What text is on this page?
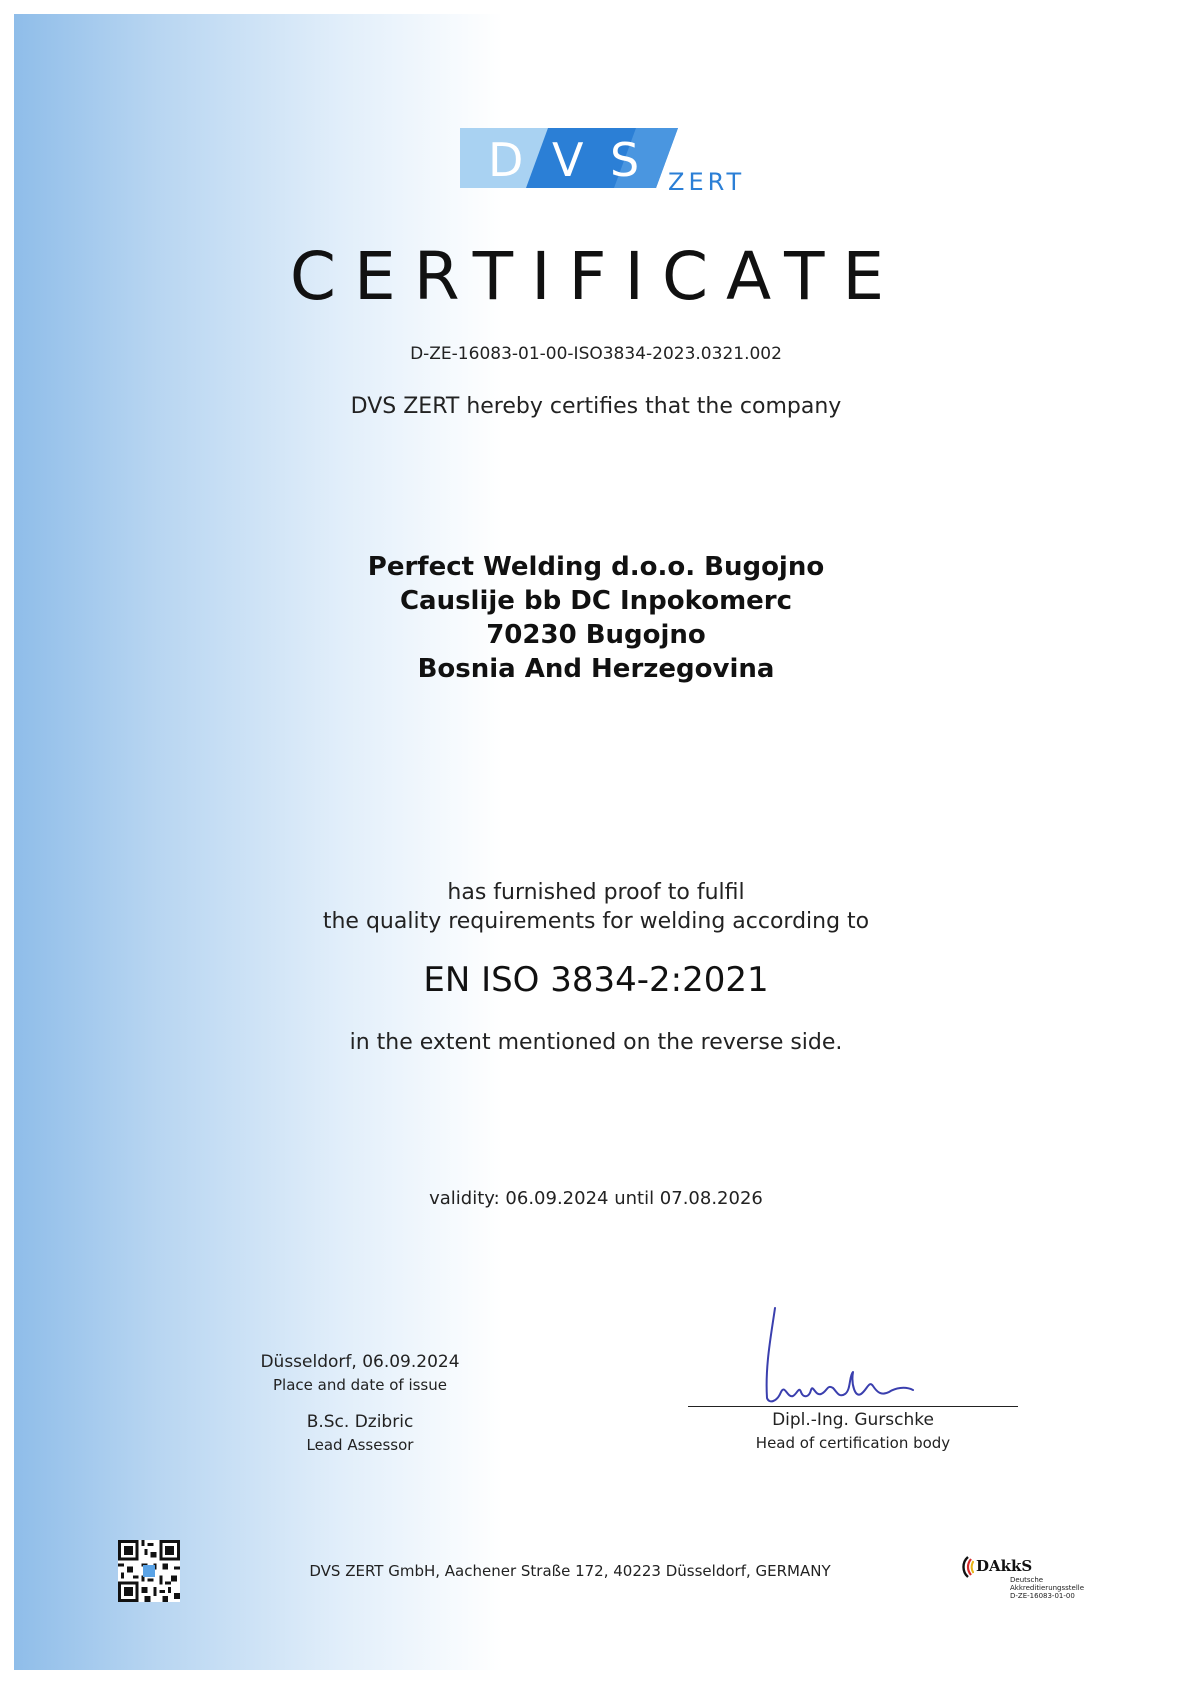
D V S ZERT
CERTIFICATE
D-ZE-16083-01-00-ISO3834-2023.0321.002
DVS ZERT hereby certifies that the company
Perfect Welding d.o.o. Bugojno
Causlije bb DC Inpokomerc
70230 Bugojno
Bosnia And Herzegovina
has furnished proof to fulfil
the quality requirements for welding according to
EN ISO 3834-2:2021
in the extent mentioned on the reverse side.
validity: 06.09.2024 until 07.08.2026
Düsseldorf, 06.09.2024
Place and date of issue
B.Sc. Dzibric
Lead Assessor
Dipl.-Ing. Gurschke
Head of certification body
DVS ZERT GmbH, Aachener Straße 172, 40223 Düsseldorf, GERMANY	DAkkS
Deutsche
Akkreditierungsstelle
D-ZE-16083-01-00
